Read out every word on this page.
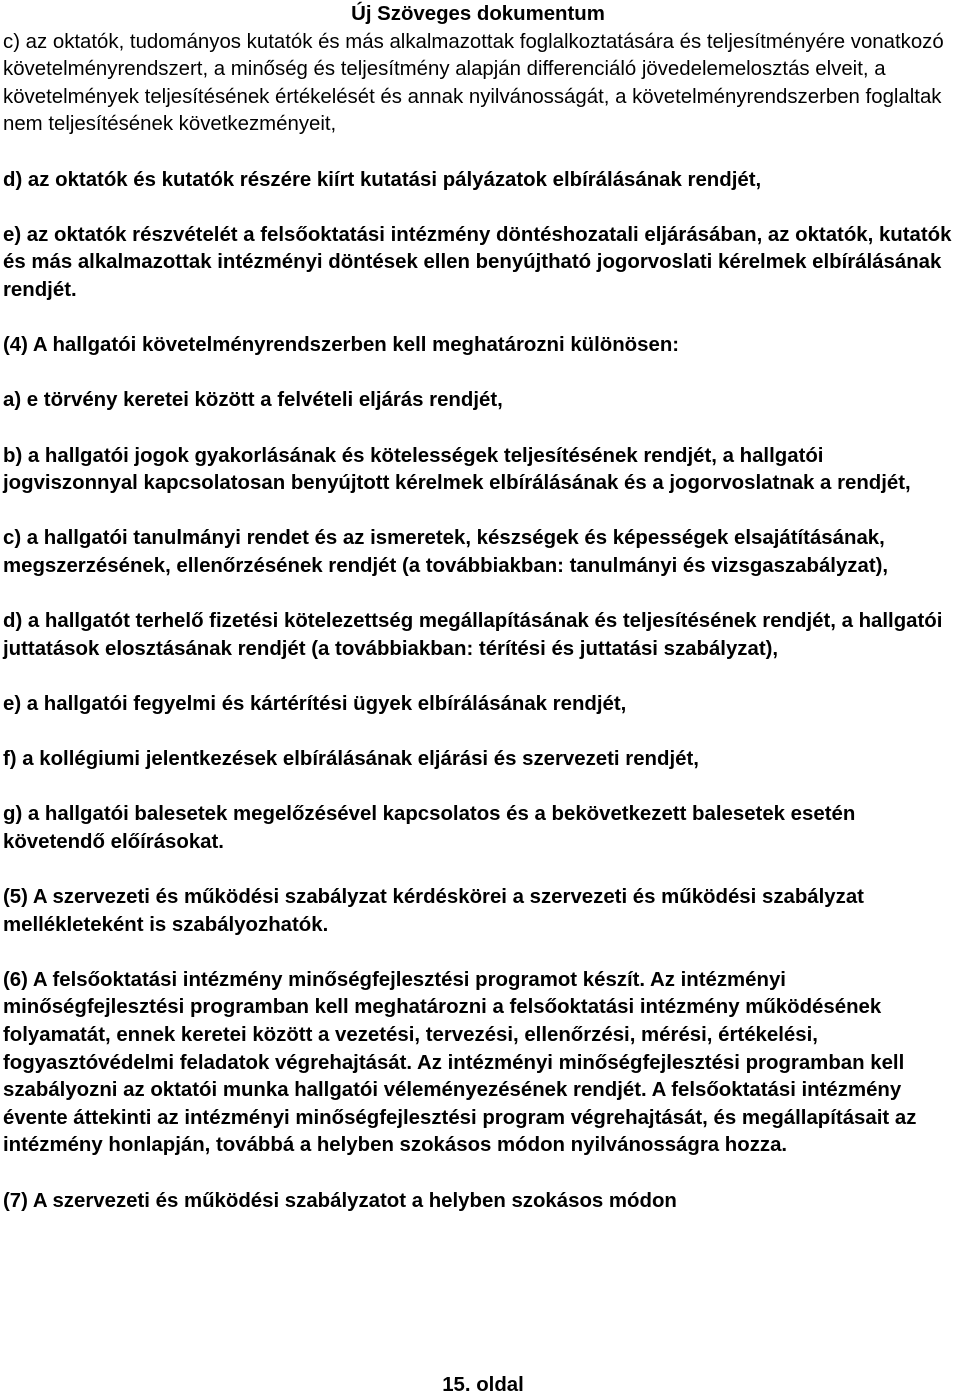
Új Szöveges dokumentum

c) az oktatók, tudományos kutatók és más alkalmazottak foglalkoztatására és teljesítményére vonatkozó követelményrendszert, a minőség és teljesítmény alapján differenciáló jövedelemelosztás elveit, a követelmények teljesítésének értékelését és annak nyilvánosságát, a követelményrendszerben foglaltak nem teljesítésének következményeit,

d) az oktatók és kutatók részére kiírt kutatási pályázatok elbírálásának rendjét,

e) az oktatók részvételét a felsőoktatási intézmény döntéshozatali eljárásában, az oktatók, kutatók és más alkalmazottak intézményi döntések ellen benyújtható jogorvoslati kérelmek elbírálásának rendjét.

(4) A hallgatói követelményrendszerben kell meghatározni különösen:

a) e törvény keretei között a felvételi eljárás rendjét,

b) a hallgatói jogok gyakorlásának és kötelességek teljesítésének rendjét, a hallgatói jogviszonnyal kapcsolatosan benyújtott kérelmek elbírálásának és a jogorvoslatnak a rendjét,

c) a hallgatói tanulmányi rendet és az ismeretek, készségek és képességek elsajátításának, megszerzésének, ellenőrzésének rendjét (a továbbiakban: tanulmányi és vizsgaszabályzat),

d) a hallgatót terhelő fizetési kötelezettség megállapításának és teljesítésének rendjét, a hallgatói juttatások elosztásának rendjét (a továbbiakban: térítési és juttatási szabályzat),

e) a hallgatói fegyelmi és kártérítési ügyek elbírálásának rendjét,

f) a kollégiumi jelentkezések elbírálásának eljárási és szervezeti rendjét,

g) a hallgatói balesetek megelőzésével kapcsolatos és a bekövetkezett balesetek esetén követendő előírásokat.

(5) A szervezeti és működési szabályzat kérdéskörei a szervezeti és működési szabályzat mellékleteként is szabályozhatók.

(6) A felsőoktatási intézmény minőségfejlesztési programot készít. Az intézményi minőségfejlesztési programban kell meghatározni a felsőoktatási intézmény működésének folyamatát, ennek keretei között a vezetési, tervezési, ellenőrzési, mérési, értékelési, fogyasztóvédelmi feladatok végrehajtását. Az intézményi minőségfejlesztési programban kell szabályozni az oktatói munka hallgatói véleményezésének rendjét. A felsőoktatási intézmény évente áttekinti az intézményi minőségfejlesztési program végrehajtását, és megállapításait az intézmény honlapján, továbbá a helyben szokásos módon nyilvánosságra hozza.

(7) A szervezeti és működési szabályzatot a helyben szokásos módon

15. oldal
